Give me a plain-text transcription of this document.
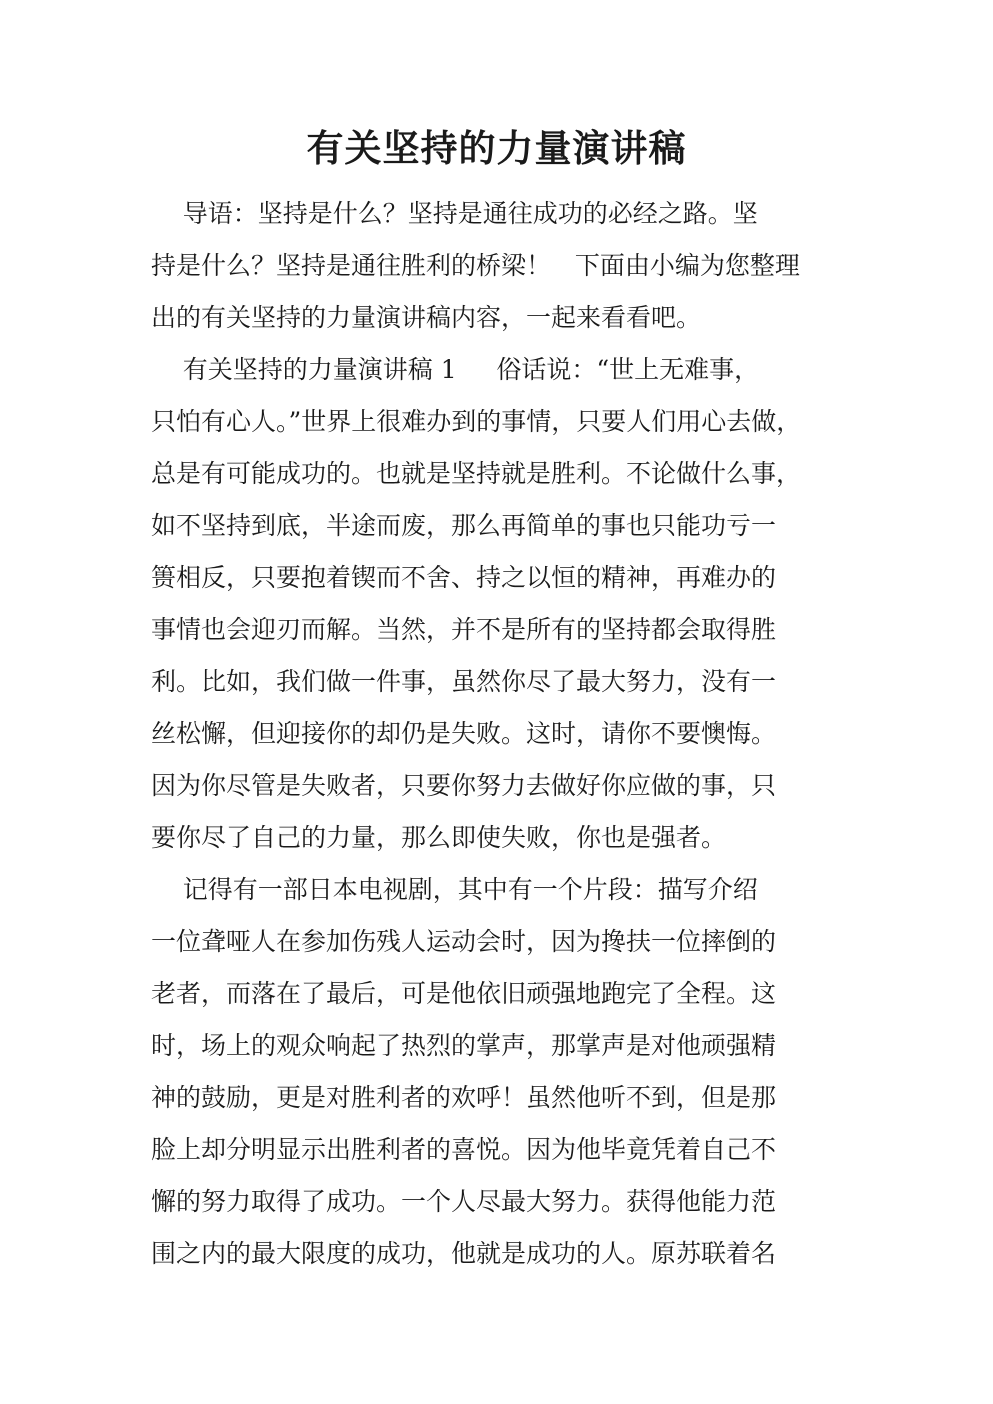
有关坚持的力量演讲稿
导语：坚持是什么？坚持是通往成功的必经之路。坚
持是什么？坚持是通往胜利的桥梁！   下面由小编为您整理
出的有关坚持的力量演讲稿内容，一起来看看吧。
有关坚持的力量演讲稿 1     俗话说：“世上无难事，
只怕有心人。”世界上很难办到的事情，只要人们用心去做，
总是有可能成功的。也就是坚持就是胜利。不论做什么事，
如不坚持到底，半途而废，那么再简单的事也只能功亏一
篑相反，只要抱着锲而不舍、持之以恒的精神，再难办的
事情也会迎刃而解。当然，并不是所有的坚持都会取得胜
利。比如，我们做一件事，虽然你尽了最大努力，没有一
丝松懈，但迎接你的却仍是失败。这时，请你不要懊悔。
因为你尽管是失败者，只要你努力去做好你应做的事，只
要你尽了自己的力量，那么即使失败，你也是强者。
记得有一部日本电视剧，其中有一个片段：描写介绍
一位聋哑人在参加伤残人运动会时，因为搀扶一位摔倒的
老者，而落在了最后，可是他依旧顽强地跑完了全程。这
时，场上的观众响起了热烈的掌声，那掌声是对他顽强精
神的鼓励，更是对胜利者的欢呼！虽然他听不到，但是那
脸上却分明显示出胜利者的喜悦。因为他毕竟凭着自己不
懈的努力取得了成功。一个人尽最大努力。获得他能力范
围之内的最大限度的成功，他就是成功的人。原苏联着名
